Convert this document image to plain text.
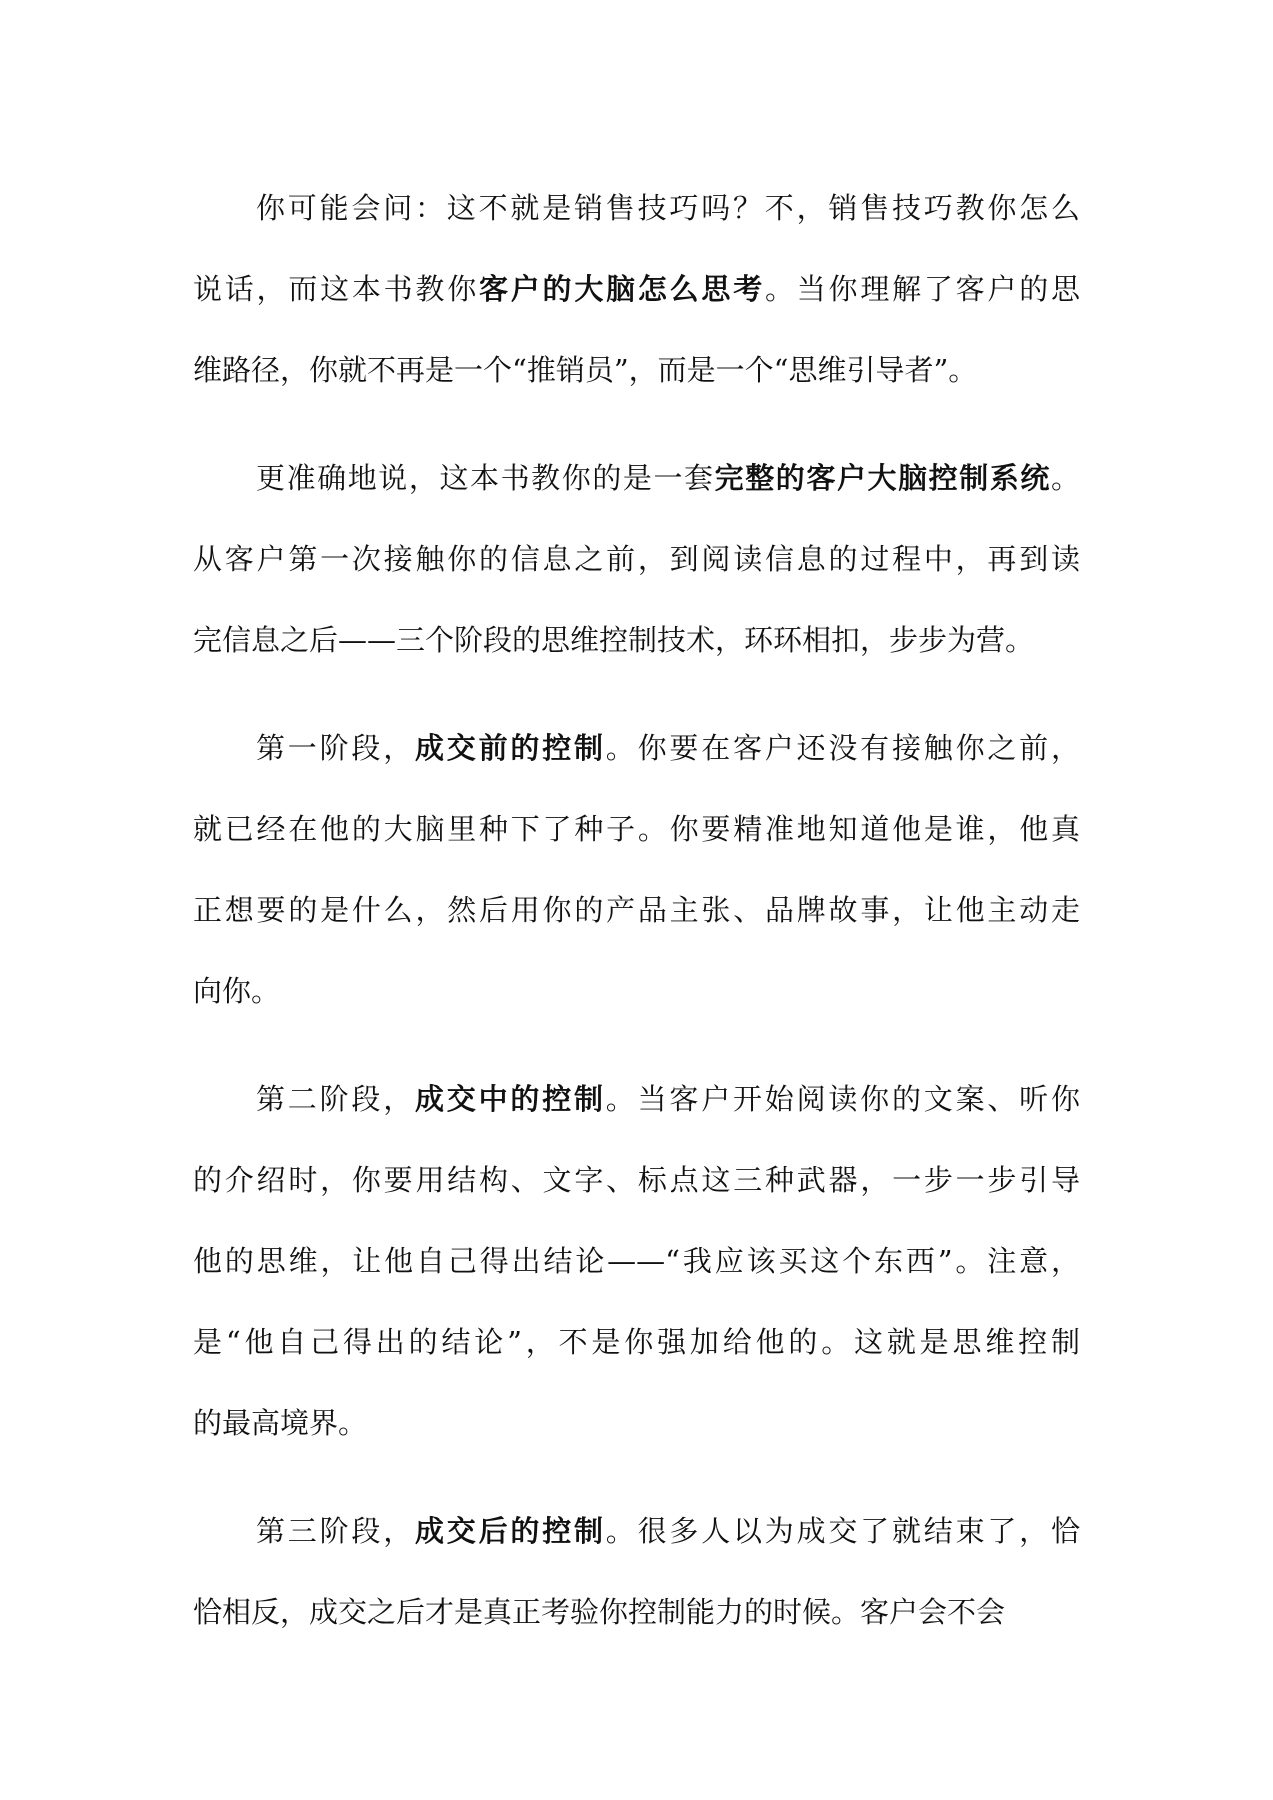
你可能会问：这不就是销售技巧吗？不，销售技巧教你怎么
说话，而这本书教你客户的大脑怎么思考。当你理解了客户的思
维路径，你就不再是一个“推销员”，而是一个“思维引导者”。

更准确地说，这本书教你的是一套完整的客户大脑控制系统。
从客户第一次接触你的信息之前，到阅读信息的过程中，再到读
完信息之后——三个阶段的思维控制技术，环环相扣，步步为营。

第一阶段，成交前的控制。你要在客户还没有接触你之前，
就已经在他的大脑里种下了种子。你要精准地知道他是谁，他真
正想要的是什么，然后用你的产品主张、品牌故事，让他主动走
向你。

第二阶段，成交中的控制。当客户开始阅读你的文案、听你
的介绍时，你要用结构、文字、标点这三种武器，一步一步引导
他的思维，让他自己得出结论——“我应该买这个东西”。注意，
是“他自己得出的结论”，不是你强加给他的。这就是思维控制
的最高境界。

第三阶段，成交后的控制。很多人以为成交了就结束了，恰
恰相反，成交之后才是真正考验你控制能力的时候。客户会不会
